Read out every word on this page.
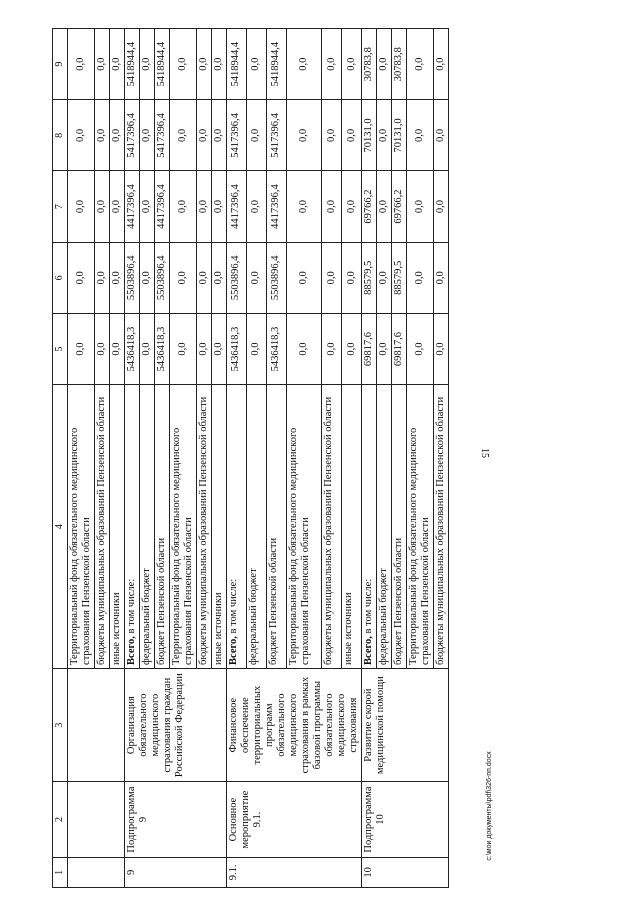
15
c:\мои документы\pdf\326-пп.docx
1	2	3	4	5	6	7	8	9
			Территориальный фонд обязательного медицинского страхования Пензенской области	0,0	0,0	0,0	0,0	0,0
			бюджеты муниципальных образований Пензенской области	0,0	0,0	0,0	0,0	0,0
			иные источники	0,0	0,0	0,0	0,0	0,0
9	Подпрограмма 9	Организация обязательного медицинского страхования граждан Российской Федерации	Всего, в том числе:	5436418,3	5503896,4	4417396,4	5417396,4	5418944,4
			федеральный бюджет	0,0	0,0	0,0	0,0	0,0
			бюджет Пензенской области	5436418,3	5503896,4	4417396,4	5417396,4	5418944,4
			Территориальный фонд обязательного медицинского страхования Пензенской области	0,0	0,0	0,0	0,0	0,0
			бюджеты муниципальных образований Пензенской области	0,0	0,0	0,0	0,0	0,0
			иные источники	0,0	0,0	0,0	0,0	0,0
9.1.	Основное мероприятие 9.1.	Финансовое обеспечение территориальных программ обязательного медицинского страхования в рамках базовой программы обязательного медицинского страхования	Всего, в том числе:	5436418,3	5503896,4	4417396,4	5417396,4	5418944,4
			федеральный бюджет	0,0	0,0	0,0	0,0	0,0
			бюджет Пензенской области	5436418,3	5503896,4	4417396,4	5417396,4	5418944,4
			Территориальный фонд обязательного медицинского страхования Пензенской области	0,0	0,0	0,0	0,0	0,0
			бюджеты муниципальных образований Пензенской области	0,0	0,0	0,0	0,0	0,0
			иные источники	0,0	0,0	0,0	0,0	0,0
10	Подпрограмма 10	Развитие скорой медицинской помощи	Всего, в том числе:	69817,6	88579,5	69766,2	70131,0	30783,8
			федеральный бюджет	0,0	0,0	0,0	0,0	0,0
			бюджет Пензенской области	69817,6	88579,5	69766,2	70131,0	30783,8
			Территориальный фонд обязательного медицинского страхования Пензенской области	0,0	0,0	0,0	0,0	0,0
			бюджеты муниципальных образований Пензенской области	0,0	0,0	0,0	0,0	0,0
